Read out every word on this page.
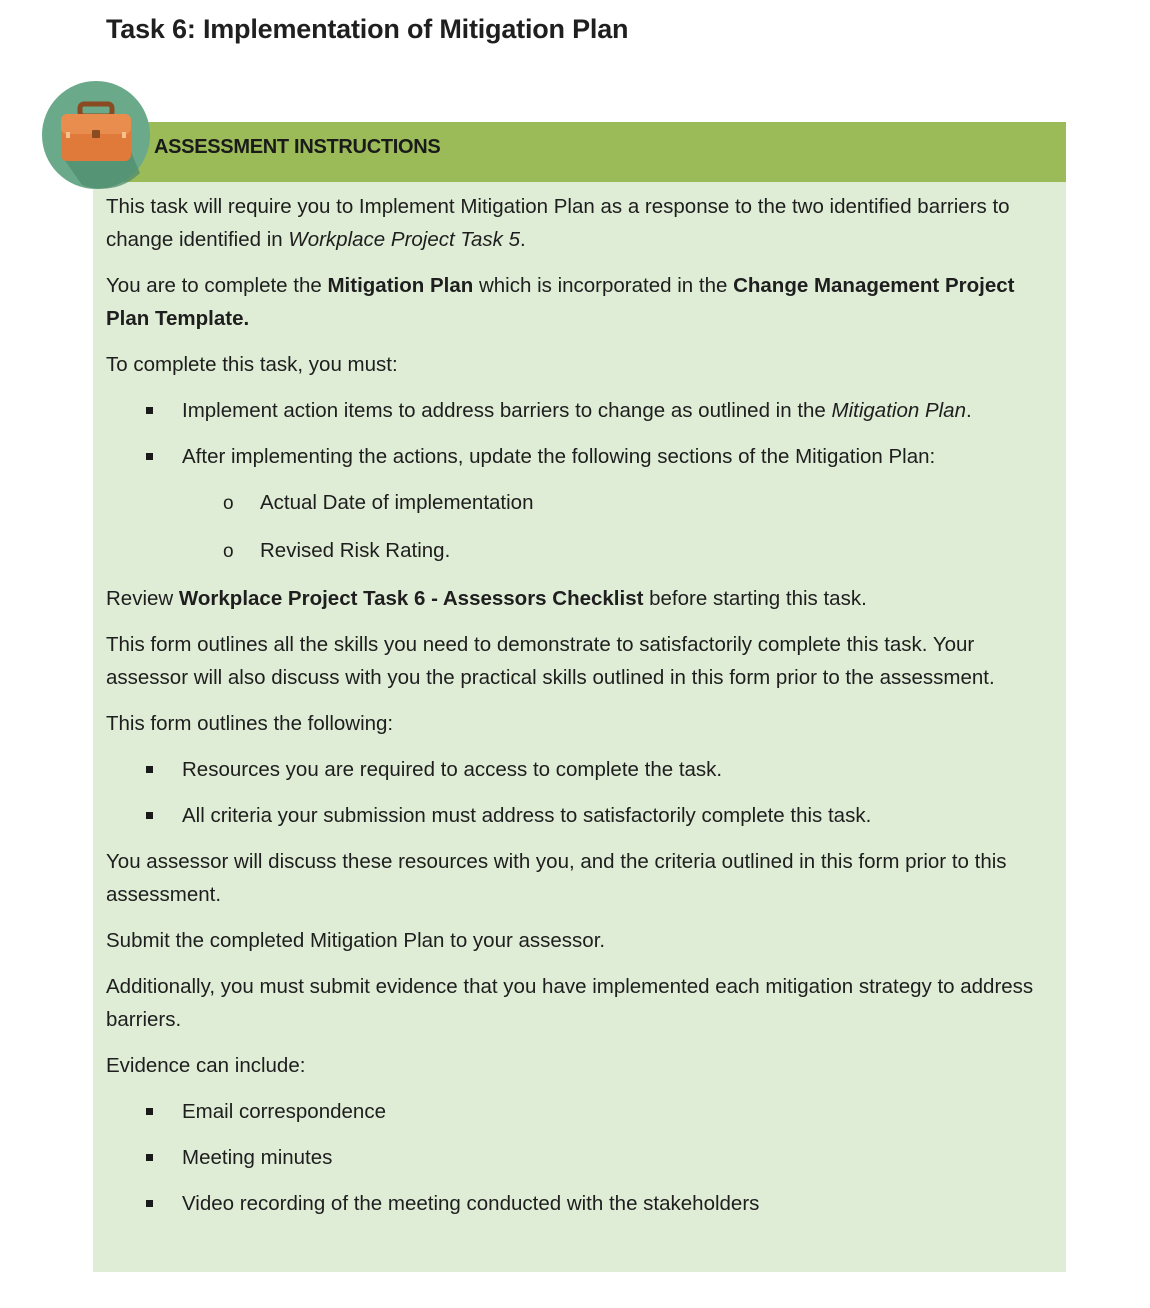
Task 6: Implementation of Mitigation Plan
ASSESSMENT INSTRUCTIONS

This task will require you to Implement Mitigation Plan as a response to the two identified barriers to change identified in Workplace Project Task 5.

You are to complete the Mitigation Plan which is incorporated in the Change Management Project Plan Template.

To complete this task, you must:

Implement action items to address barriers to change as outlined in the Mitigation Plan.
After implementing the actions, update the following sections of the Mitigation Plan:
o Actual Date of implementation
o Revised Risk Rating.

Review Workplace Project Task 6 - Assessors Checklist before starting this task.

This form outlines all the skills you need to demonstrate to satisfactorily complete this task. Your assessor will also discuss with you the practical skills outlined in this form prior to the assessment.

This form outlines the following:

Resources you are required to access to complete the task.
All criteria your submission must address to satisfactorily complete this task.

You assessor will discuss these resources with you, and the criteria outlined in this form prior to this assessment.

Submit the completed Mitigation Plan to your assessor.

Additionally, you must submit evidence that you have implemented each mitigation strategy to address barriers.

Evidence can include:

Email correspondence
Meeting minutes
Video recording of the meeting conducted with the stakeholders
